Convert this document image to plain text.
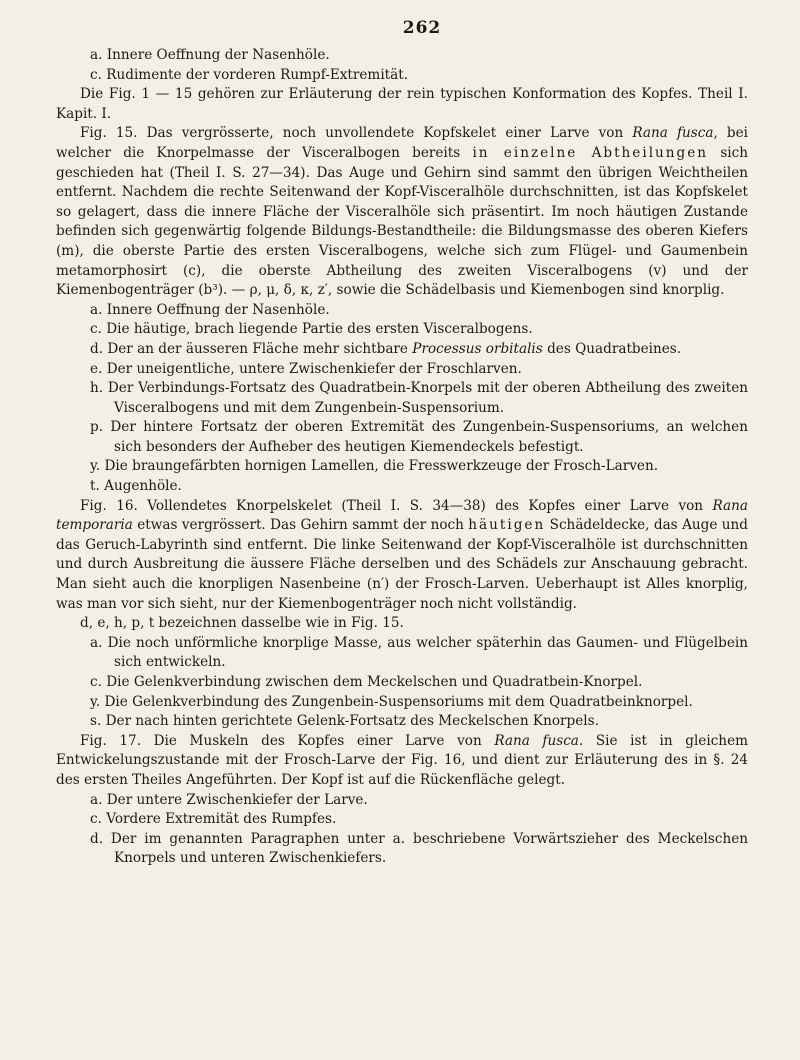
262

a. Innere Oeffnung der Nasenhöle.

c. Rudimente der vorderen Rumpf-Extremität.

Die Fig. 1 — 15 gehören zur Erläuterung der rein typischen Konformation des Kopfes. Theil I. Kapit. I.

Fig. 15. Das vergrösserte, noch unvollendete Kopfskelet einer Larve von Rana fusca, bei welcher die Knorpelmasse der Visceralbogen bereits in einzelne Abtheilungen sich geschieden hat (Theil I. S. 27—34). Das Auge und Gehirn sind sammt den übrigen Weichtheilen entfernt. Nachdem die rechte Seitenwand der Kopf-Visceralhöle durchschnitten, ist das Kopfskelet so gelagert, dass die innere Fläche der Visceralhöle sich präsentirt. Im noch häutigen Zustande befinden sich gegenwärtig folgende Bildungs-Bestandtheile: die Bildungsmasse des oberen Kiefers (m), die oberste Partie des ersten Visceralbogens, welche sich zum Flügel- und Gaumenbein metamorphosirt (c), die oberste Abtheilung des zweiten Visceralbogens (v) und der Kiemenbogenträger (b³). — ρ, μ, δ, κ, z′, sowie die Schädelbasis und Kiemenbogen sind knorplig.

a. Innere Oeffnung der Nasenhöle.

c. Die häutige, brach liegende Partie des ersten Visceralbogens.

d. Der an der äusseren Fläche mehr sichtbare Processus orbitalis des Quadratbeines.

e. Der uneigentliche, untere Zwischenkiefer der Froschlarven.

h. Der Verbindungs-Fortsatz des Quadratbein-Knorpels mit der oberen Abtheilung des zweiten Visceralbogens und mit dem Zungenbein-Suspensorium.

p. Der hintere Fortsatz der oberen Extremität des Zungenbein-Suspensoriums, an welchen sich besonders der Aufheber des heutigen Kiemendeckels befestigt.

y. Die braungefärbten hornigen Lamellen, die Fresswerkzeuge der Frosch-Larven.

t. Augenhöle.

Fig. 16. Vollendetes Knorpelskelet (Theil I. S. 34—38) des Kopfes einer Larve von Rana temporaria etwas vergrössert. Das Gehirn sammt der noch häutigen Schädeldecke, das Auge und das Geruch-Labyrinth sind entfernt. Die linke Seitenwand der Kopf-Visceralhöle ist durchschnitten und durch Ausbreitung die äussere Fläche derselben und des Schädels zur Anschauung gebracht. Man sieht auch die knorpligen Nasenbeine (n′) der Frosch-Larven. Ueberhaupt ist Alles knorplig, was man vor sich sieht, nur der Kiemenbogenträger noch nicht vollständig.

d, e, h, p, t bezeichnen dasselbe wie in Fig. 15.

a. Die noch unförmliche knorplige Masse, aus welcher späterhin das Gaumen- und Flügelbein sich entwickeln.

c. Die Gelenkverbindung zwischen dem Meckelschen und Quadratbein-Knorpel.

y. Die Gelenkverbindung des Zungenbein-Suspensoriums mit dem Quadratbeinknorpel.

s. Der nach hinten gerichtete Gelenk-Fortsatz des Meckelschen Knorpels.

Fig. 17. Die Muskeln des Kopfes einer Larve von Rana fusca. Sie ist in gleichem Entwickelungszustande mit der Frosch-Larve der Fig. 16, und dient zur Erläuterung des in §. 24 des ersten Theiles Angeführten. Der Kopf ist auf die Rückenfläche gelegt.

a. Der untere Zwischenkiefer der Larve.

c. Vordere Extremität des Rumpfes.

d. Der im genannten Paragraphen unter a. beschriebene Vorwärtszieher des Meckelschen Knorpels und unteren Zwischenkiefers.
